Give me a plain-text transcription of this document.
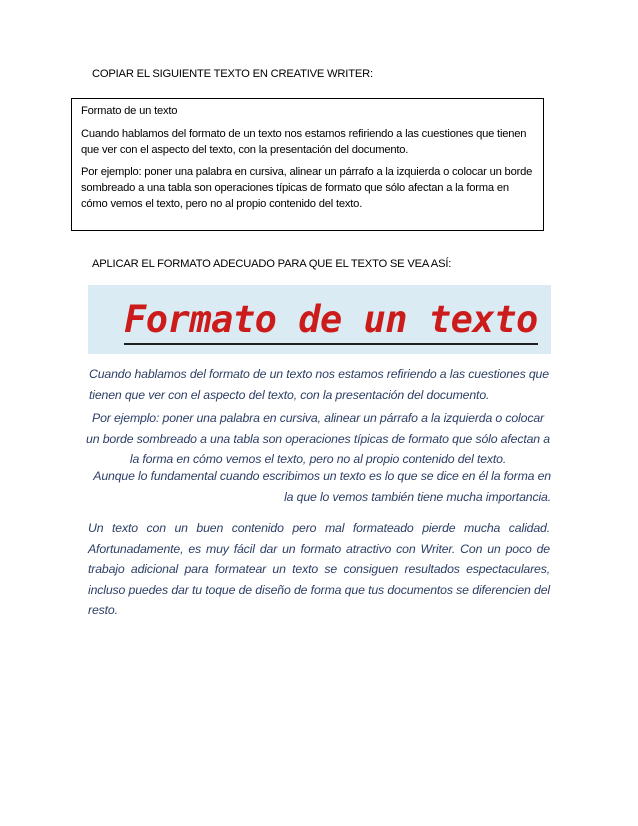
COPIAR EL SIGUIENTE TEXTO EN CREATIVE WRITER:

Formato de un texto

Cuando hablamos del formato de un texto nos estamos refiriendo a las cuestiones que tienen que ver con el aspecto del texto, con la presentación del documento.

Por ejemplo: poner una palabra en cursiva, alinear un párrafo a la izquierda o colocar un borde sombreado a una tabla son operaciones típicas de formato que sólo afectan a la forma en cómo vemos el texto, pero no al propio contenido del texto.

APLICAR EL FORMATO ADECUADO PARA QUE EL TEXTO SE VEA ASÍ:
Formato de un texto
Cuando hablamos del formato de un texto nos estamos refiriendo a las cuestiones que tienen que ver con el aspecto del texto, con la presentación del documento.
Por ejemplo: poner una palabra en cursiva, alinear un párrafo a la izquierda o colocar un borde sombreado a una tabla son operaciones típicas de formato que sólo afectan a la forma en cómo vemos el texto, pero no al propio contenido del texto.
Aunque lo fundamental cuando escribimos un texto es lo que se dice en él la forma en la que lo vemos también tiene mucha importancia.
Un texto con un buen contenido pero mal formateado pierde mucha calidad. Afortunadamente, es muy fácil dar un formato atractivo con Writer. Con un poco de trabajo adicional para formatear un texto se consiguen resultados espectaculares, incluso puedes dar tu toque de diseño de forma que tus documentos se diferencien del resto.
